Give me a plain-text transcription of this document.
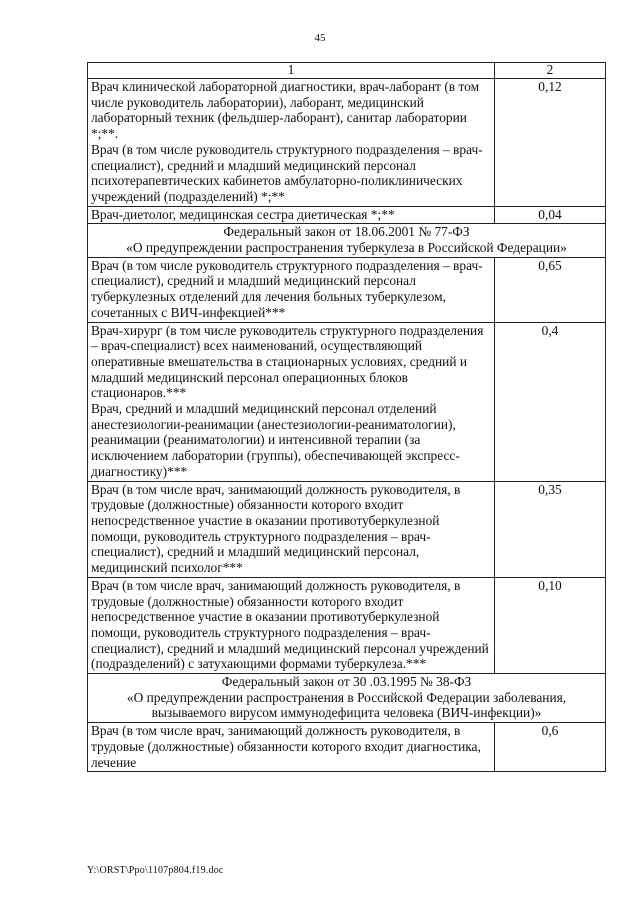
45
1	2

Врач клинической лабораторной диагностики, врач-лаборант (в том числе руководитель лаборатории), лаборант, медицинский лабораторный техник (фельдшер-лаборант), санитар лаборатории *;**.
Врач (в том числе руководитель структурного подразделения – врач-специалист), средний и младший медицинский персонал психотерапевтических кабинетов амбулаторно-поликлинических учреждений (подразделений) *;**	0,12

Врач-диетолог, медицинская сестра диетическая *;**	0,04

Федеральный закон от 18.06.2001 № 77-ФЗ
«О предупреждении распространения туберкулеза в Российской Федерации»	

Врач (в том числе руководитель структурного подразделения – врач-специалист), средний и младший медицинский персонал туберкулезных отделений для лечения больных туберкулезом, сочетанных с ВИЧ-инфекцией***	0,65

Врач-хирург (в том числе руководитель структурного подразделения – врач-специалист) всех наименований, осуществляющий оперативные вмешательства в стационарных условиях, средний и младший медицинский персонал операционных блоков стационаров.***
Врач, средний и младший медицинский персонал отделений анестезиологии-реанимации (анестезиологии-реаниматологии), реанимации (реаниматологии) и интенсивной терапии (за исключением лаборатории (группы), обеспечивающей экспресс-диагностику)***	0,4

Врач (в том числе врач, занимающий должность руководителя, в трудовые (должностные) обязанности которого входит непосредственное участие в оказании противотуберкулезной помощи, руководитель структурного подразделения – врач-специалист), средний и младший медицинский персонал, медицинский психолог***	0,35

Врач (в том числе врач, занимающий должность руководителя, в трудовые (должностные) обязанности которого входит непосредственное участие в оказании противотуберкулезной помощи, руководитель структурного подразделения – врач-специалист), средний и младший медицинский персонал учреждений (подразделений) с затухающими формами туберкулеза.***	0,10

Федеральный закон от 30 .03.1995 № 38-ФЗ
«О предупреждении распространения в Российской Федерации заболевания, вызываемого вирусом иммунодефицита человека (ВИЧ-инфекции)»	

Врач (в том числе врач, занимающий должность руководителя, в трудовые (должностные) обязанности которого входит диагностика, лечение	0,6
Y:\ORST\Ppo\1107p804.f19.doc
